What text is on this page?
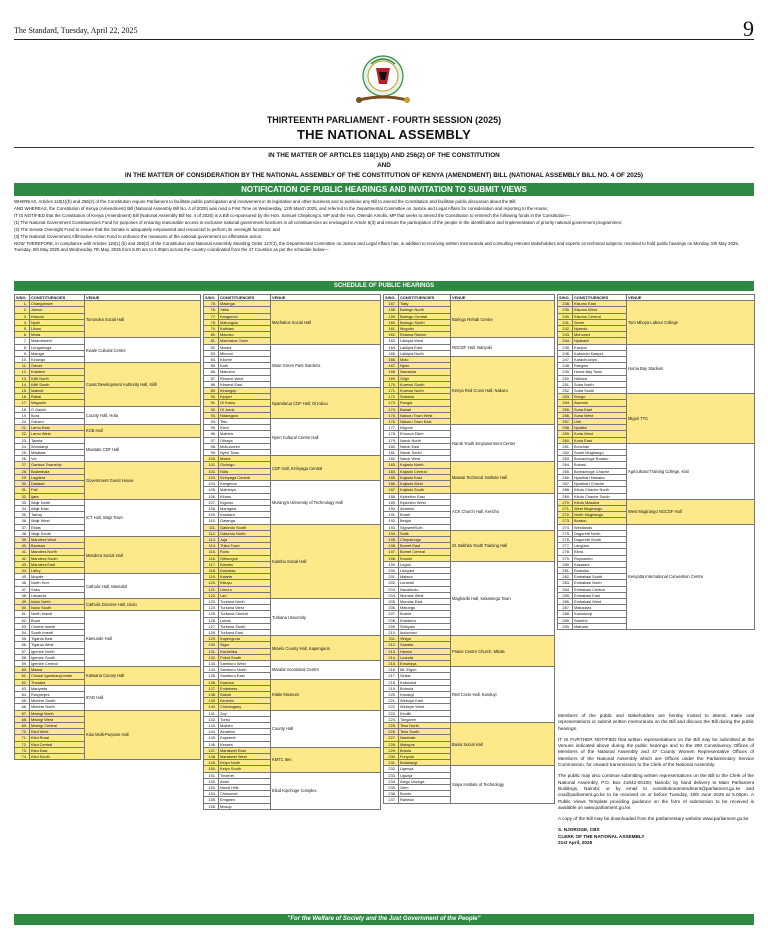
The Standard, Tuesday, April 22, 2025	9
THIRTEENTH PARLIAMENT - FOURTH SESSION (2025)
THE NATIONAL ASSEMBLY
IN THE MATTER OF ARTICLES 118(1)(b) AND 256(2) OF THE CONSTITUTION
AND
IN THE MATTER OF CONSIDERATION BY THE NATIONAL ASSEMBLY OF THE CONSTITUTION OF KENYA (AMENDMENT) BILL (NATIONAL ASSEMBLY BILL NO. 4 OF 2025)
NOTIFICATION OF PUBLIC HEARINGS AND INVITATION TO SUBMIT VIEWS

WHEREAS, Articles 118(1)(b) and 256(2) of the Constitution require Parliament to facilitate public participation and involvement in its legislative and other business and to publicise any Bill to amend the Constitution and facilitate public discussion about the Bill;

AND WHEREAS, the Constitution of Kenya (Amendment) Bill (National Assembly Bill No. 4 of 2025) was read a First Time on Wednesday, 12th March 2025, and referred to the Departmental Committee on Justice and Legal Affairs for consideration and reporting to the House;

IT IS NOTIFIED that the Constitution of Kenya (Amendment) Bill (National Assembly Bill No. 4 of 2025) is a Bill co-sponsored by the Hon. Samuel Chepkong'a, MP and the Hon. Otiende Amollo, MP that seeks to amend the Constitution to entrench the following funds in the Constitution—

(1) The National Government Constituencies Fund for purposes of ensuring reasonable access to exclusive national government functions in all constituencies as envisaged in Article 6(3) and ensure the participation of the people in the identification and implementation of priority national government programmes;

(2) The Senate Oversight Fund to ensure that the Senate is adequately empowered and resourced to perform its oversight functions; and

(3) The National Government Affirmative Action Fund to enhance the measures of the national government on affirmative action.

NOW THEREFORE, in compliance with Articles 118(1) (b) and 256(2) of the Constitution and National Assembly Standing Order 127(3), the Departmental Committee on Justice and Legal Affairs has, in addition to receiving written memoranda and consulting relevant stakeholders and experts on technical subjects, resolved to hold public hearings on Monday, 5th May 2025, Tuesday, 6th May 2025 and Wednesday 7th May, 2025 from 8.00 am to 5.00pm across the country coordinated from the 47 Counties as per the schedule below—

SCHEDULE OF PUBLIC HEARINGS
S/NO.	CONSTITUENCIES	VENUE
1.	Changamwe	Tononoka Social Hall
2.	Jomvu	
3.	Kisauni	
4.	Nyali	
5.	Likoni	
6.	Mvita	
7.	Msambweni	Kwale Cultural Centre
8.	Lungalunga	
9.	Matuga	
10.	Kinango	
11.	Ganze	Coast Development Authority Hall, Kilifi
12.	Kaloleni	
13.	Kilifi North	
14.	Kilifi South	
15.	Malindi	
16.	Rabai	
17.	Magarini	
18.	G Galole	County Hall, Hola
19.	Bura	
20.	Garsen	
21.	Lamu East	KCB Hall
22.	Lamu West	
23.	Taveta	Mwatate CDF Hall
24.	Wundanyi	
25.	Mwatate	
26.	Voi	
27.	Garissa Township	Government Guest House
28.	Balambala	
29.	Lagdera	
30.	Dadaab	
31.	Fafi	
32.	Ijara	
33.	Wajir North	ICT Hall, Wajir Town
34.	Wajir East	
35.	Tarbaj	
36.	Wajir West	
37.	Eldas	
38.	Wajir South	
39.	Mandera West	Mandera Social Hall
40.	Banissa	
41.	Mandera North	
42.	Mandera South	
43.	Mandera East	
44.	Lafey	
45.	Moyale	Catholic Hall, Marsabit
46.	North Horr	
47.	Saku	
48.	Laisamis	
49.	Isiolo North	Catholic Diocese Hall, Isiolo
50.	Isiolo South	
51.	North Imenti	Kamunde Hall
52.	Buuri	
53.	Central Imenti	
54.	South Imenti	
55.	Tigania East	
56.	Tigania West	
57.	Igembe North	
58.	Igembe South	
59.	Igembe Central	
60.	Maara	Katwana County Hall
61.	Chuka/ Igambang'ombe	
62.	Tharaka	
63.	Manyatta	IFAD Hall
64.	Runyenjes	
65.	Mbeere South	
66.	Mbeere North	
67.	Mwingi North	Kitui Multi-Purpose Hall
68.	Mwingi West	
69.	Mwingi Central	
70.	Kitui West	
71.	Kitui Rural	
72.	Kitui Central	
73.	Kitui East	
74.	Kitui South	
S/NO.	CONSTITUENCIES	VENUE
75.	Masinga	Machakos Social Hall
76.	Yatta	
77.	Kangundo	
78.	Matungulu	
79.	Kathiani	
80.	Mavoko	
81.	Machakos Town	
82.	Mwala	Wote Green Park Gardens
83.	Mbooni	
84.	Kilome	
85.	Kaiti	
86.	Makueni	
87.	Kibwezi West	
88.	Kibwezi East	
89.	Kinangop	Nyandarua CDF Hall, Ol Kalou
90.	Kipipiri	
91.	Ol Kalou	
92.	Ol Jorok	
93.	Ndaragwa	
94.	Tetu	Nyeri Cultural Centre Hall
95.	Kieni	
96.	Mathira	
97.	Othaya	
98.	Mukurweini	
99.	Nyeri Town	
100.	Mwea	CDF Hall, Kirinyaga Central
101.	Gichugu	
102.	Ndia	
103.	Kirinyaga Central	
104.	Kangema	Murang'a University of Technology Hall
105.	Mathioya	
106.	Kiharu	
107.	Kigumo	
108.	Maragwa	
109.	Kandara	
110.	Gatanga	
111.	Gatundu South	Kiambu Social Hall
112.	Gatundu North	
113.	Juja	
114.	Thika Town	
115.	Ruiru	
116.	Githunguri	
117.	Kiambu	
118.	Kiambaa	
119.	Kabete	
120.	Kikuyu	
121.	Limuru	
122.	Lari	
123.	Turkana North	Turkana University
124.	Turkana West	
125.	Turkana Central	
126.	Loima	
127.	Turkana South	
128.	Turkana East	
129.	Kapenguria	Mtaelo County Hall, Kapenguria
130.	Sigor	
131.	Kacheliba	
132.	Pokot South	
133.	Samburu West	Maralal Vocational Centre
134.	Samburu North	
135.	Samburu East	
136.	Kwanza	Kitale Museum
137.	Endebess	
138.	Saboti	
139.	Kiminini	
140.	Cherangany	
141.	Soy	County Hall
142.	Turbo	
143.	Moiben	
144.	Ainabkoi	
145.	Kapseret	
146.	Kesses	
147.	Marakwet East	KMTC Iten
148.	Marakwet West	
149.	Keiyo North	
150.	Keiyo South	
151.	Tinderet	Eliud Kipchoge Complex
152.	Aldai	
153.	Nandi Hills	
154.	Chesumei	
155.	Emgwen	
156.	Mosop	
S/NO.	CONSTITUENCIES	VENUE
157.	Tiaty	Baringo Rehab Centre
158.	Baringo North	
159.	Baringo Central	
160.	Baringo South	
161.	Mogotio	
162.	Eldama Ravine	
163.	Laikipia West	NGCDF Hall, Nanyuki
164.	Laikipia East	
165.	Laikipia North	
166.	Molo	Kenya Red Cross Hall, Nakuru
167.	Njoro	
168.	Naivasha	
169.	Gilgil	
170.	Kuresoi South	
171.	Kuresoi North	
172.	Subukia	
173.	Rongai	
174.	Bahati	
175.	Nakuru Town West	
176.	Nakuru Town East	
177.	Kilgoris	Narok Youth Empowerment Center
178.	Emurua Dikirr	
179.	Narok North	
180.	Narok East	
181.	Narok South	
182.	Narok West	
183.	Kajiado North	Maasai Technical Institute Hall
184.	Kajiado Central	
185.	Kajiado East	
186.	Kajiado West	
187.	Kajiado South	
188.	Kipkelion East	ACK Church Hall, Kericho
189.	Kipkelion West	
190.	Ainamoi	
191.	Bureti	
192.	Belgut	
193.	Sigowet/Soin	
194.	Sotik	St. Bakhita Youth Training Hall
195.	Chepalungu	
196.	Bomet East	
197.	Bomet Central	
198.	Konoin	
199.	Lugari	Magharibi Hall, Kakamega Town
200.	Likuyani	
201.	Malava	
202.	Lurambi	
203.	Navakholo	
204.	Mumias West	
205.	Mumias East	
206.	Matungu	
207.	Butere	
208.	Khwisero	
209.	Shinyalu	
210.	Ikolomani	
211.	Vihiga	Praise Centre Church, Mbale
212.	Sabatia	
213.	Hamisi	
214.	Luanda	
215.	Emuhaya	
216.	Mt. Elgon	Red Cross Hall, Kanduyi
217.	Sirisia	
218.	Kabuchai	
219.	Bumula	
220.	Kanduyi	
221.	Webuye East	
222.	Webuye West	
223.	Kimilili	
224.	Tongaren	
225.	Teso North	Busia Social Hall
226.	Teso South	
227.	Nambale	
228.	Matayos	
229.	Butula	
230.	Funyula	
231.	Budalangi	
232.	Ugenya	Siaya Institute of Technology
233.	Ugunja	
234.	Alego Usonga	
235.	Gem	
236.	Bondo	
237.	Rarieda	
S/NO.	CONSTITUENCIES	VENUE
238.	Kisumu East	Tom Mboya Labour College
239.	Kisumu West	
240.	Kisumu Central	
241.	Seme	
242.	Nyando	
243.	Muhoroni	
244.	Nyakach	
245.	Kasipul	Homa Bay Stadium
246.	Kabondo Kasipul	
247.	Karachuonyo	
248.	Rangwe	
249.	Homa Bay Town	
250.	Ndhiwa	
251.	Suba North	
252.	Suba South	
253.	Rongo	Migori TTC
254.	Awendo	
255.	Suna East	
256.	Suna West	
257.	Uriri	
258.	Nyatike	
259.	Kuria West	
260.	Kuria East	
261.	Bonchari	Agricultural Training College, Kisii
262.	South Mugirango	
263.	Bomachoge Borabu	
264.	Bobasi	
265.	Bomachoge Chache	
266.	Nyaribari Masaba	
267.	Nyaribari Chache	
268.	Kitutu Chache North	
269.	Kitutu Chache South	
270.	Kitutu Masaba	West Mugirango NGCDF Hall
271.	West Mugirango	
272.	North Mugirango	
273.	Borabu	
274.	Westlands	Kenyatta International Convention Centre
275.	Dagoretti North	
276.	Dagoretti South	
277.	Lang'ata	
278.	Kibra	
279.	Roysambu	
280.	Kasarani	
281.	Ruaraka	
282.	Embakasi South	
283.	Embakasi North	
284.	Embakasi Central	
285.	Embakasi East	
286.	Embakasi West	
287.	Makadara	
288.	Kamukunji	
289.	Starehe	
290.	Mathare	

Members of the public and stakeholders are hereby invited to attend, make oral representations or submit written memoranda on the Bill and discuss the Bill during the public hearings.

IT IS FURTHER NOTIFIED that written representations on the Bill may be submitted at the Venues indicated above during the public hearings and to the 290 Constituency Offices of Members of the National Assembly and 47 County Women Representative Offices of Members of the National Assembly which are Offices under the Parliamentary Service Commission, for onward transmission to the Clerk of the National Assembly.

The public may also continue submitting written representations on the Bill to the Clerk of the National Assembly, P.O. Box 41842-00100, Nairobi; by hand delivery to Main Parliament Buildings, Nairobi; or by email to constitutionamendment@parliament.go.ke and cna@parliament.go.ke to be received on or before Tuesday, 10th June 2025 at 5.00pm. A Public Views Template providing guidance on the form of submission to be received is available on www.parliament.go.ke.

A copy of the Bill may be downloaded from the parliamentary website www.parliament.go.ke

S. NJOROGE, CBS
CLERK OF THE NATIONAL ASSEMBLY
21st April, 2025
"For the Welfare of Society and the Just Government of the People"
